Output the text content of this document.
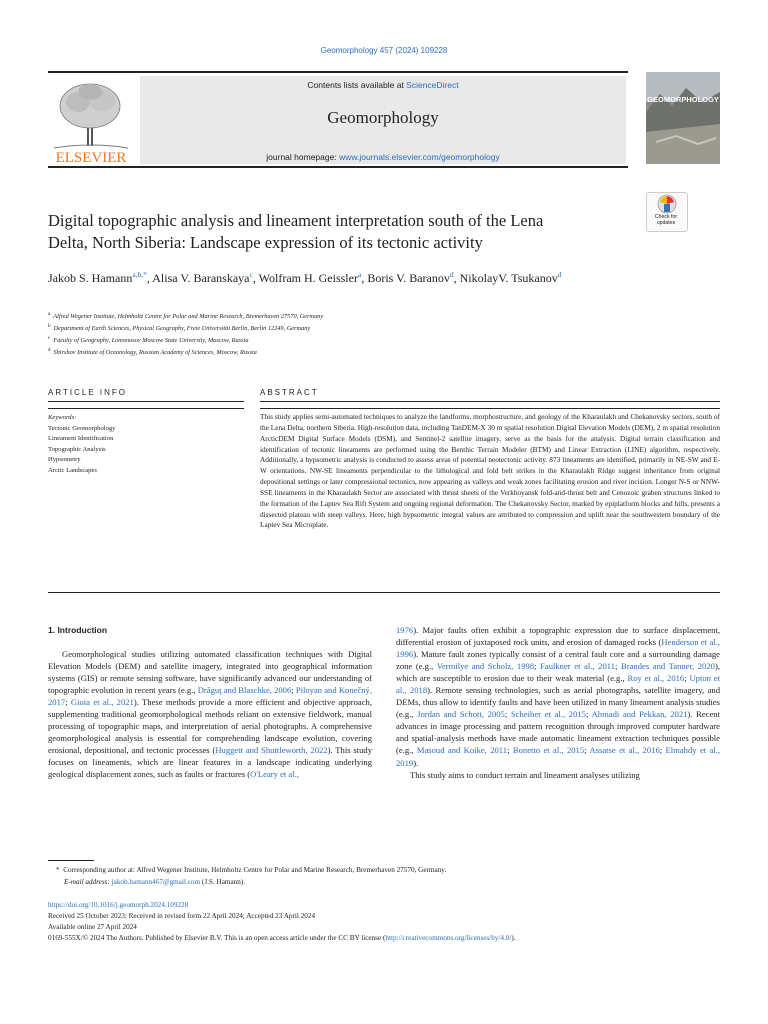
Geomorphology 457 (2024) 109228
ELSEVIER
Contents lists available at ScienceDirect
Geomorphology
journal homepage: www.journals.elsevier.com/geomorphology
GEOMORPHOLOGY
Check for
updates
Digital topographic analysis and lineament interpretation south of the Lena
Delta, North Siberia: Landscape expression of its tectonic activity
Jakob S. Hamann$^{a,b,*}$, Alisa V. Baranskaya$^c$, Wolfram H. Geissler$^a$, Boris V. Baranov$^d$, NikolayV. Tsukanov$^d$
$^a$ Alfred Wegener Institute, Helmholtz Centre for Polar and Marine Research, Bremerhaven 27570, Germany
$^b$ Department of Earth Sciences, Physical Geography, Freie Universität Berlin, Berlin 12249, Germany
$^c$ Faculty of Geography, Lomonosov Moscow State University, Moscow, Russia
$^d$ Shirshov Institute of Oceanology, Russian Academy of Sciences, Moscow, Russia
ARTICLE INFO
Keywords:
Tectonic Geomorphology
Lineament Identification
Topographic Analysis
Hypsometry
Arctic Landscapes
ABSTRACT
This study applies semi-automated techniques to analyze the landforms, morphostructure, and geology of the Kharaulakh and Chekanovsky sectors, south of the Lena Delta, northern Siberia. High-resolution data, including TanDEM-X 30 m spatial resolution Digital Elevation Models (DEM), 2 m spatial resolution ArcticDEM Digital Surface Models (DSM), and Sentinel-2 satellite imagery, serve as the basis for the analysis. Digital terrain classification and identification of tectonic lineaments are performed using the Benthic Terrain Modeler (BTM) and Linear Extraction (LINE) algorithm, respectively. Additionally, a hypsometric analysis is conducted to assess areas of potential neotectonic activity. 873 lineaments are identified, primarily in NE-SW and E-W orientations. NW-SE lineaments perpendicular to the lithological and fold belt strikes in the Kharaulakh Ridge suggest inheritance from original depositional settings or later compressional tectonics, now appearing as valleys and weak zones facilitating erosion and river incision. Longer N-S or NNW-SSE lineaments in the Kharaulakh Sector are associated with thrust sheets of the Verkhoyansk fold-and-thrust belt and Cenozoic graben structures linked to the formation of the Laptev Sea Rift System and ongoing regional deformation. The Chekanovsky Sector, marked by epiplatform blocks and hills, presents a dissected plateau with steep valleys. Here, high hypsometric integral values are attributed to compression and uplift near the southwestern boundary of the Laptev Sea Microplate.
1. Introduction
Geomorphological studies utilizing automated classification techniques with Digital Elevation Models (DEM) and satellite imagery, integrated into geographical information systems (GIS) or remote sensing software, have significantly advanced our understanding of topographic evolution in recent years (e.g., Drăguţ and Blaschke, 2006; Piloyan and Konečný, 2017; Gioia et al., 2021). These methods provide a more efficient and objective approach, supplementing traditional geomorphological methods reliant on extensive fieldwork, manual processing of topographic maps, and interpretation of aerial photographs. A comprehensive geomorphological analysis is essential for comprehending landscape evolution, covering erosional, depositional, and tectonic processes (Huggett and Shuttleworth, 2022). This study focuses on lineaments, which are linear features in a landscape indicating underlying geological displacement zones, such as faults or fractures (O'Leary et al.,

1976). Major faults often exhibit a topographic expression due to surface displacement, differential erosion of juxtaposed rock units, and erosion of damaged rocks (Henderson et al., 1996). Mature fault zones typically consist of a central fault core and a surrounding damage zone (e.g., Vermilye and Scholz, 1998; Faulkner et al., 2011; Brandes and Tanner, 2020), which are susceptible to erosion due to their weak material (e.g., Roy et al., 2016; Upton et al., 2018). Remote sensing technologies, such as aerial photographs, satellite imagery, and DEMs, thus allow to identify faults and have been utilized in many lineament analysis studies (e.g., Jordan and Schott, 2005; Scheiber et al., 2015; Ahmadi and Pekkan, 2021). Recent advances in image processing and pattern recognition through improved computer hardware and spatial-analysis methods have made automatic lineament extraction techniques possible (e.g., Masoud and Koike, 2011; Bonetto et al., 2015; Assatse et al., 2016; Elmahdy et al., 2019).

This study aims to conduct terrain and lineament analyses utilizing

* Corresponding author at: Alfred Wegener Institute, Helmholtz Centre for Polar and Marine Research, Bremerhaven 27570, Germany.
E-mail address: jakob.hamann467@gmail.com (J.S. Hamann).
https://doi.org/10.1016/j.geomorph.2024.109228
Received 25 October 2023; Received in revised form 22 April 2024; Accepted 23 April 2024
Available online 27 April 2024
0169-555X/© 2024 The Authors. Published by Elsevier B.V. This is an open access article under the CC BY license (http://creativecommons.org/licenses/by/4.0/).
